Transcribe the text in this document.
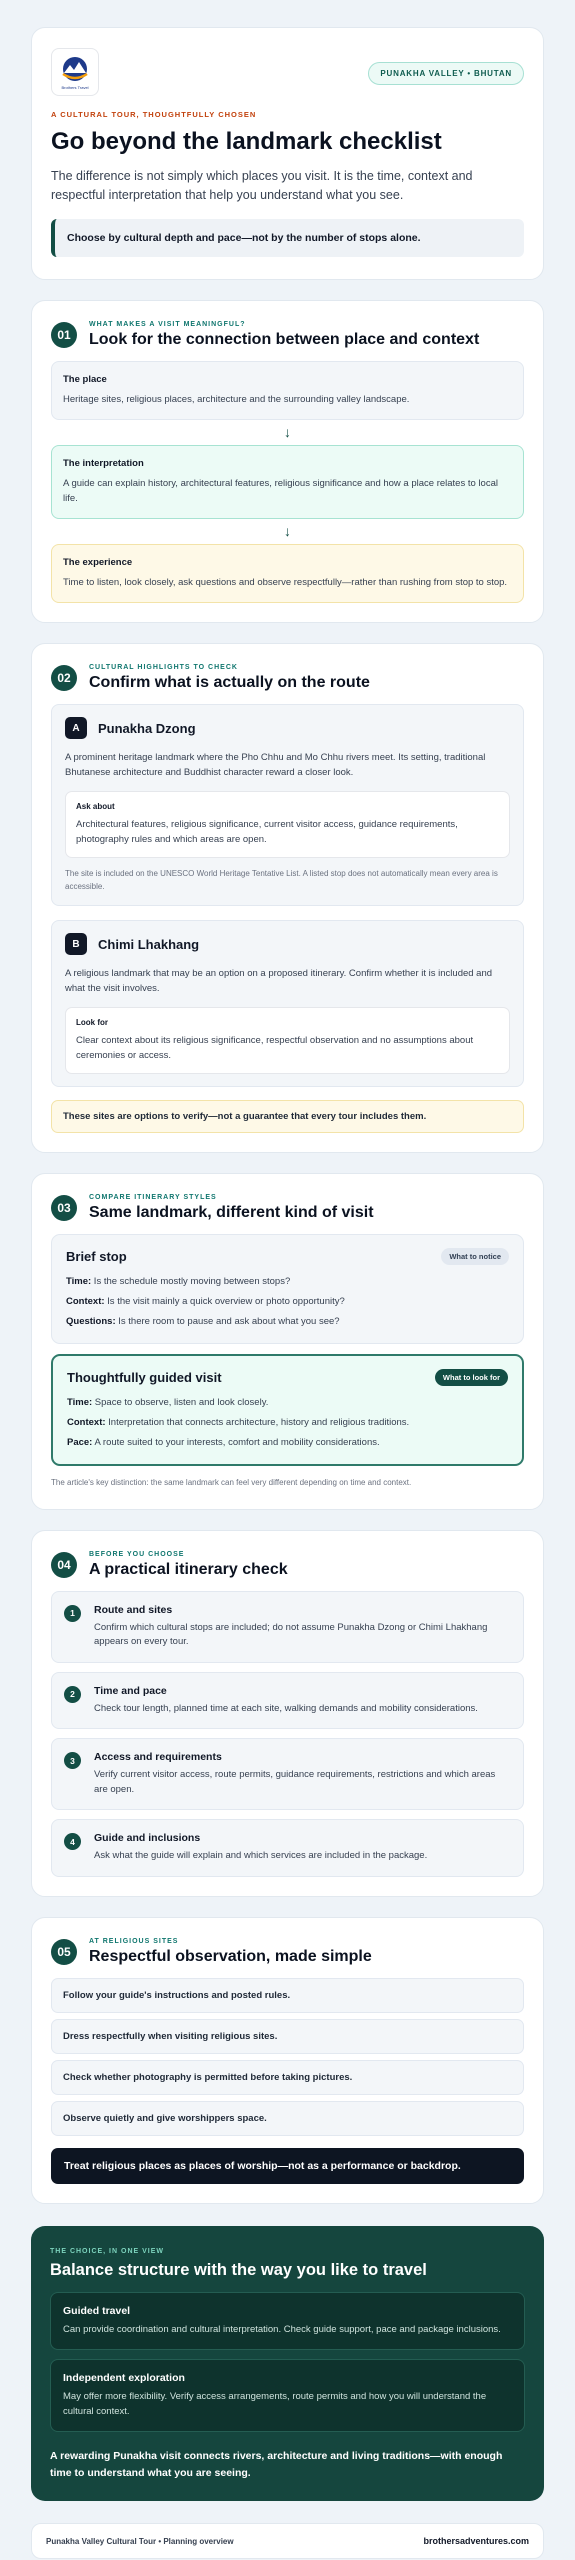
Brothers Travel
PUNAKHA VALLEY • BHUTAN
A CULTURAL TOUR, THOUGHTFULLY CHOSEN
Go beyond the landmark checklist
The difference is not simply which places you visit. It is the time, context and respectful interpretation that help you understand what you see.
Choose by cultural depth and pace—not by the number of stops alone.
01
WHAT MAKES A VISIT MEANINGFUL?
Look for the connection between place and context
The place

Heritage sites, religious places, architecture and the surrounding valley landscape.

↓
The interpretation

A guide can explain history, architectural features, religious significance and how a place relates to local life.

↓
The experience

Time to listen, look closely, ask questions and observe respectfully—rather than rushing from stop to stop.

02
CULTURAL HIGHLIGHTS TO CHECK
Confirm what is actually on the route
A	Punakha Dzong
A prominent heritage landmark where the Pho Chhu and Mo Chhu rivers meet. Its setting, traditional Bhutanese architecture and Buddhist character reward a closer look.
Ask about

Architectural features, religious significance, current visitor access, guidance requirements, photography rules and which areas are open.

The site is included on the UNESCO World Heritage Tentative List. A listed stop does not automatically mean every area is accessible.
B	Chimi Lhakhang
A religious landmark that may be an option on a proposed itinerary. Confirm whether it is included and what the visit involves.
Look for

Clear context about its religious significance, respectful observation and no assumptions about ceremonies or access.

These sites are options to verify—not a guarantee that every tour includes them.
03
COMPARE ITINERARY STYLES
Same landmark, different kind of visit
Brief stop	What to notice
Time: Is the schedule mostly moving between stops?
Context: Is the visit mainly a quick overview or photo opportunity?
Questions: Is there room to pause and ask about what you see?
Thoughtfully guided visit	What to look for
Time: Space to observe, listen and look closely.
Context: Interpretation that connects architecture, history and religious traditions.
Pace: A route suited to your interests, comfort and mobility considerations.
The article's key distinction: the same landmark can feel very different depending on time and context.
04
BEFORE YOU CHOOSE
A practical itinerary check
1	Route and sites

Confirm which cultural stops are included; do not assume Punakha Dzong or Chimi Lhakhang appears on every tour.

2	Time and pace

Check tour length, planned time at each site, walking demands and mobility considerations.

3	Access and requirements

Verify current visitor access, route permits, guidance requirements, restrictions and which areas are open.

4	Guide and inclusions

Ask what the guide will explain and which services are included in the package.

05
AT RELIGIOUS SITES
Respectful observation, made simple
Follow your guide's instructions and posted rules.
Dress respectfully when visiting religious sites.
Check whether photography is permitted before taking pictures.
Observe quietly and give worshippers space.
Treat religious places as places of worship—not as a performance or backdrop.
THE CHOICE, IN ONE VIEW
Balance structure with the way you like to travel
Guided travel

Can provide coordination and cultural interpretation. Check guide support, pace and package inclusions.

Independent exploration

May offer more flexibility. Verify access arrangements, route permits and how you will understand the cultural context.

A rewarding Punakha visit connects rivers, architecture and living traditions—with enough time to understand what you are seeing.
Punakha Valley Cultural Tour • Planning overview	brothersadventures.com
